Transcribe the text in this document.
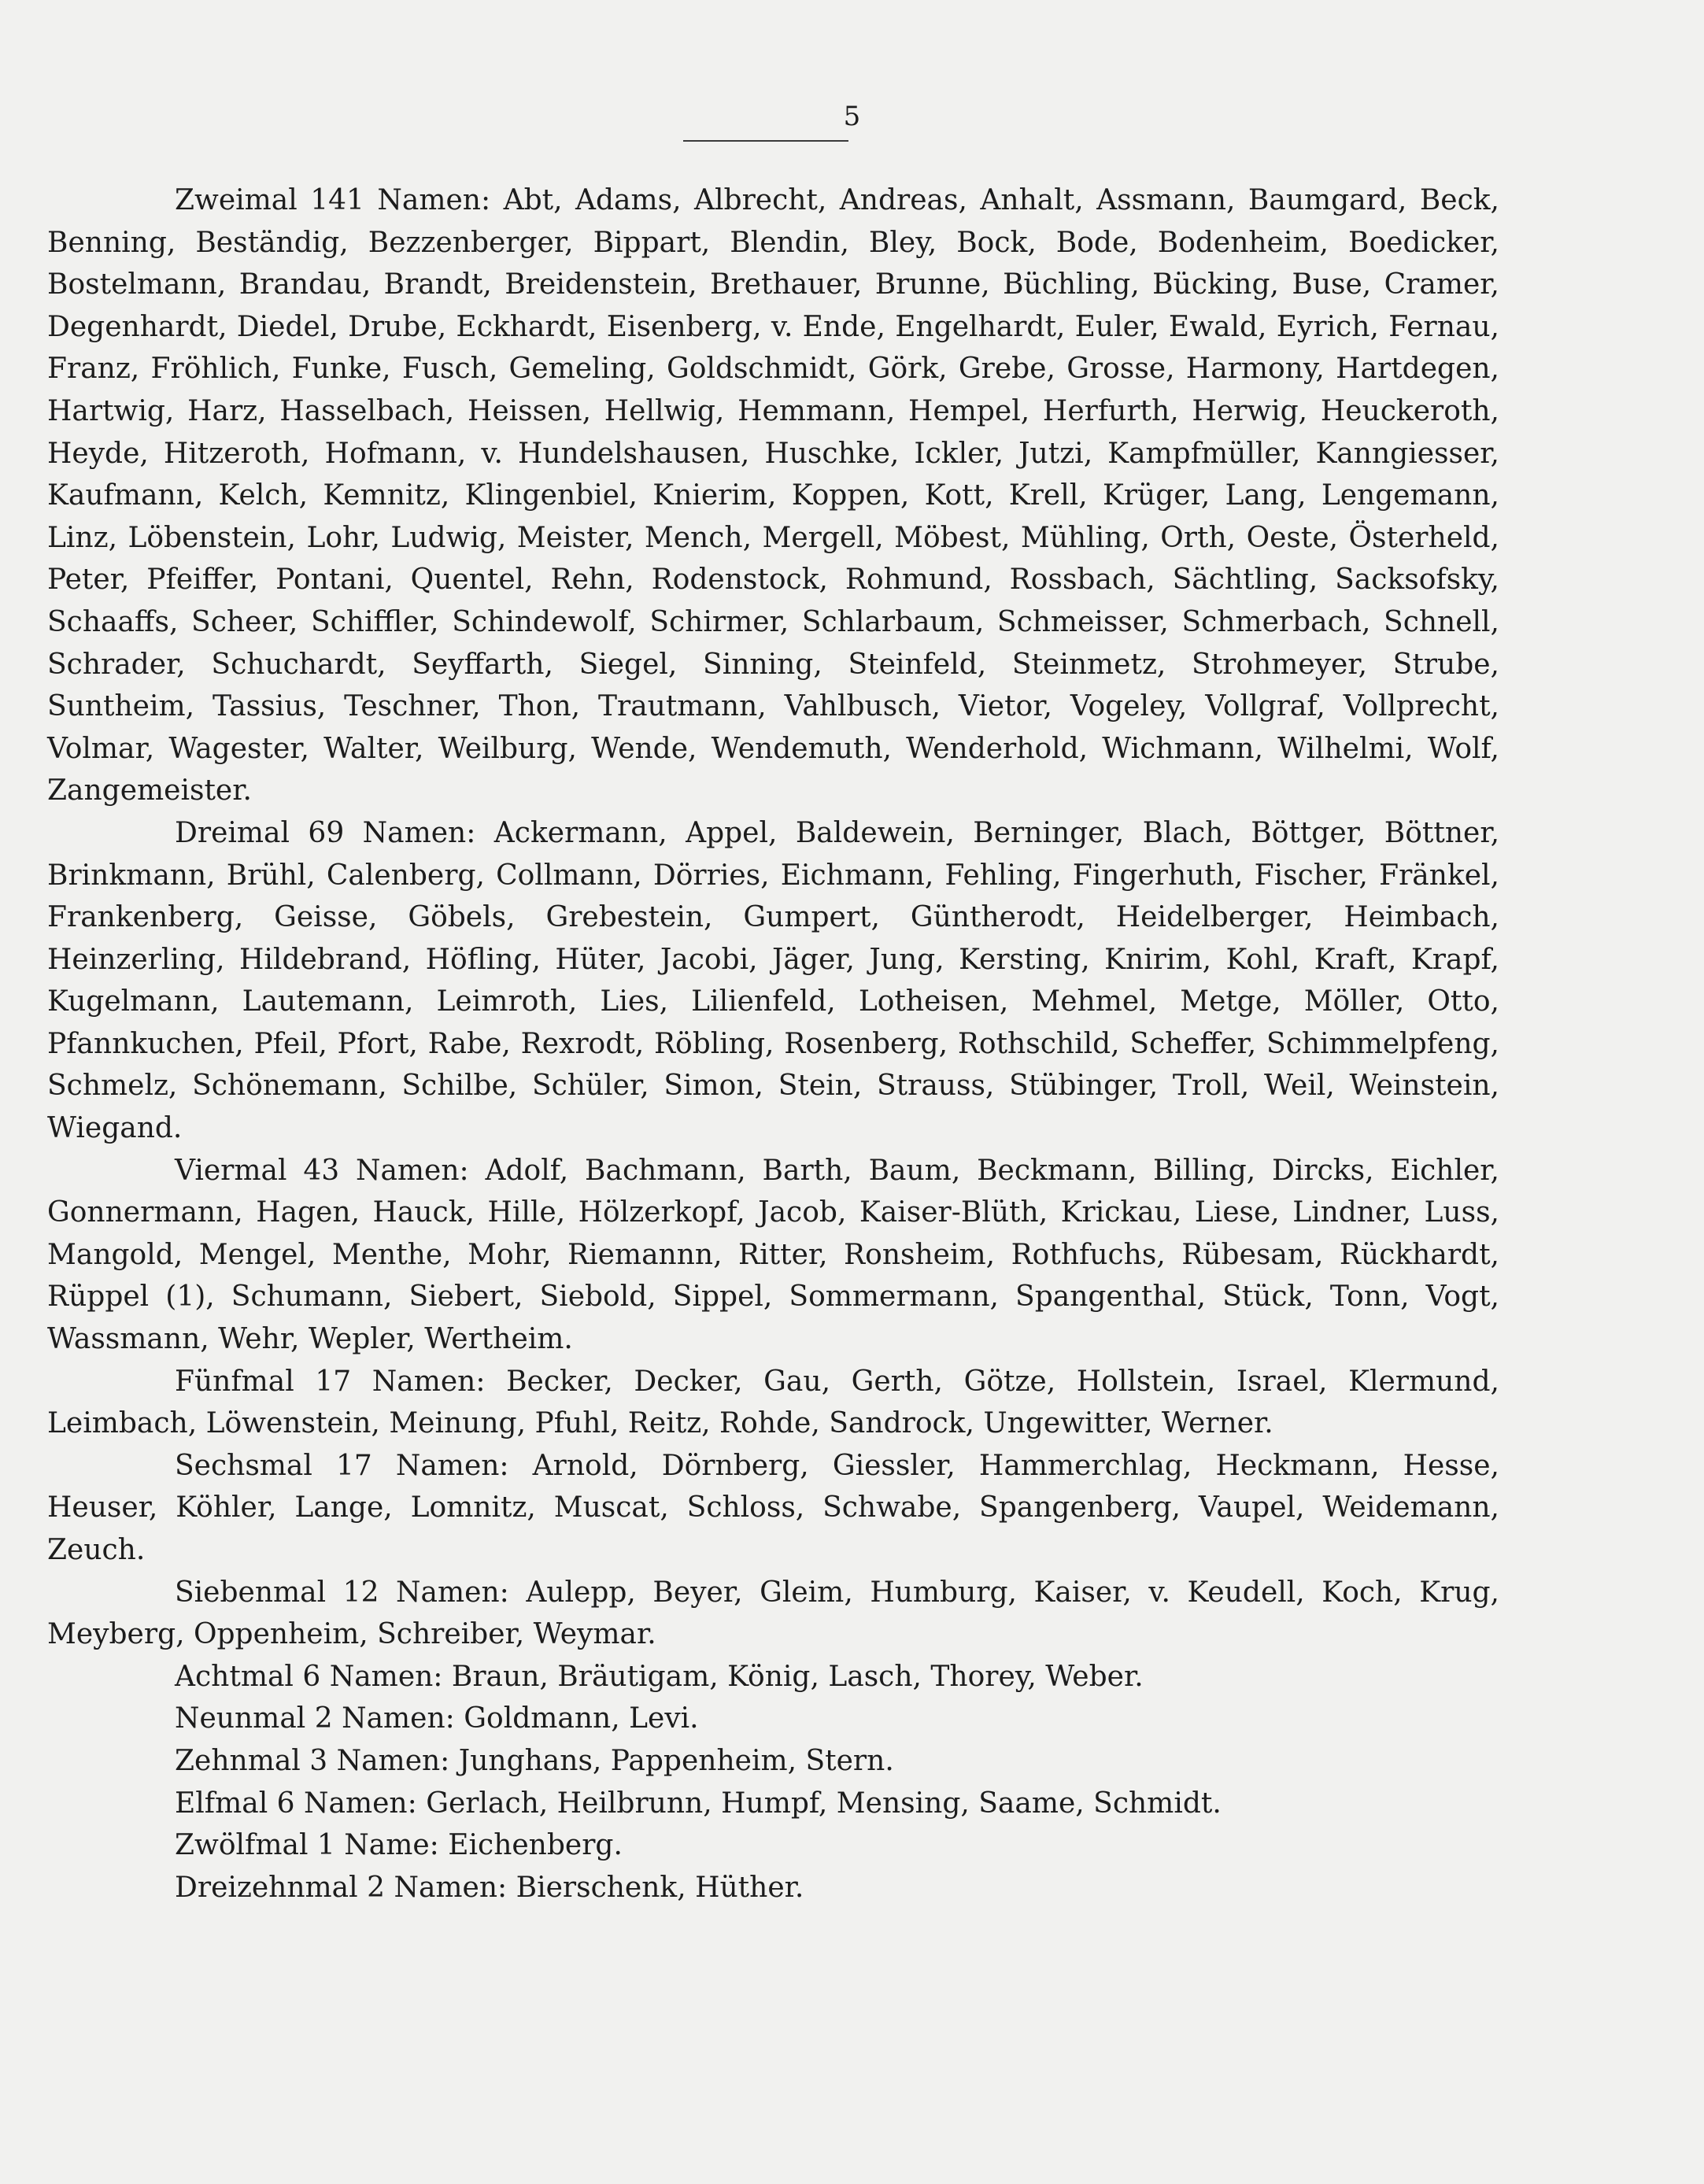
5

Zweimal 141 Namen: Abt, Adams, Albrecht, Andreas, Anhalt, Assmann, Baumgard, Beck, Benning, Beständig, Bezzenberger, Bippart, Blendin, Bley, Bock, Bode, Bodenheim, Boedicker, Bostelmann, Brandau, Brandt, Breidenstein, Brethauer, Brunne, Büchling, Bücking, Buse, Cramer, Degenhardt, Diedel, Drube, Eckhardt, Eisenberg, v. Ende, Engelhardt, Euler, Ewald, Eyrich, Fernau, Franz, Fröhlich, Funke, Fusch, Gemeling, Goldschmidt, Görk, Grebe, Grosse, Harmony, Hartdegen, Hartwig, Harz, Hasselbach, Heissen, Hellwig, Hemmann, Hempel, Herfurth, Herwig, Heuckeroth, Heyde, Hitzeroth, Hofmann, v. Hundelshausen, Huschke, Ickler, Jutzi, Kampfmüller, Kanngiesser, Kaufmann, Kelch, Kemnitz, Klingenbiel, Knierim, Koppen, Kott, Krell, Krüger, Lang, Lengemann, Linz, Löbenstein, Lohr, Ludwig, Meister, Mench, Mergell, Möbest, Mühling, Orth, Oeste, Österheld, Peter, Pfeiffer, Pontani, Quentel, Rehn, Rodenstock, Rohmund, Rossbach, Sächtling, Sacksofsky, Schaaffs, Scheer, Schiffler, Schindewolf, Schirmer, Schlarbaum, Schmeisser, Schmerbach, Schnell, Schrader, Schuchardt, Seyffarth, Siegel, Sinning, Steinfeld, Steinmetz, Strohmeyer, Strube, Suntheim, Tassius, Teschner, Thon, Trautmann, Vahlbusch, Vietor, Vogeley, Vollgraf, Vollprecht, Volmar, Wagester, Walter, Weilburg, Wende, Wendemuth, Wenderhold, Wichmann, Wilhelmi, Wolf, Zangemeister.

Dreimal 69 Namen: Ackermann, Appel, Baldewein, Berninger, Blach, Böttger, Böttner, Brinkmann, Brühl, Calenberg, Collmann, Dörries, Eichmann, Fehling, Fingerhuth, Fischer, Fränkel, Frankenberg, Geisse, Göbels, Grebestein, Gumpert, Güntherodt, Heidelberger, Heimbach, Heinzerling, Hildebrand, Höfling, Hüter, Jacobi, Jäger, Jung, Kersting, Knirim, Kohl, Kraft, Krapf, Kugelmann, Lautemann, Leimroth, Lies, Lilienfeld, Lotheisen, Mehmel, Metge, Möller, Otto, Pfannkuchen, Pfeil, Pfort, Rabe, Rexrodt, Röbling, Rosenberg, Rothschild, Scheffer, Schimmelpfeng, Schmelz, Schönemann, Schilbe, Schüler, Simon, Stein, Strauss, Stübinger, Troll, Weil, Weinstein, Wiegand.

Viermal 43 Namen: Adolf, Bachmann, Barth, Baum, Beckmann, Billing, Dircks, Eichler, Gonnermann, Hagen, Hauck, Hille, Hölzerkopf, Jacob, Kaiser-Blüth, Krickau, Liese, Lindner, Luss, Mangold, Mengel, Menthe, Mohr, Riemannn, Ritter, Ronsheim, Rothfuchs, Rübesam, Rückhardt, Rüppel (1), Schumann, Siebert, Siebold, Sippel, Sommermann, Spangenthal, Stück, Tonn, Vogt, Wassmann, Wehr, Wepler, Wertheim.

Fünfmal 17 Namen: Becker, Decker, Gau, Gerth, Götze, Hollstein, Israel, Klermund, Leimbach, Löwenstein, Meinung, Pfuhl, Reitz, Rohde, Sandrock, Ungewitter, Werner.

Sechsmal 17 Namen: Arnold, Dörnberg, Giessler, Hammerchlag, Heckmann, Hesse, Heuser, Köhler, Lange, Lomnitz, Muscat, Schloss, Schwabe, Spangenberg, Vaupel, Weidemann, Zeuch.

Siebenmal 12 Namen: Aulepp, Beyer, Gleim, Humburg, Kaiser, v. Keudell, Koch, Krug, Meyberg, Oppenheim, Schreiber, Weymar.

Achtmal 6 Namen: Braun, Bräutigam, König, Lasch, Thorey, Weber.

Neunmal 2 Namen: Goldmann, Levi.

Zehnmal 3 Namen: Junghans, Pappenheim, Stern.

Elfmal 6 Namen: Gerlach, Heilbrunn, Humpf, Mensing, Saame, Schmidt.

Zwölfmal 1 Name: Eichenberg.

Dreizehnmal 2 Namen: Bierschenk, Hüther.
